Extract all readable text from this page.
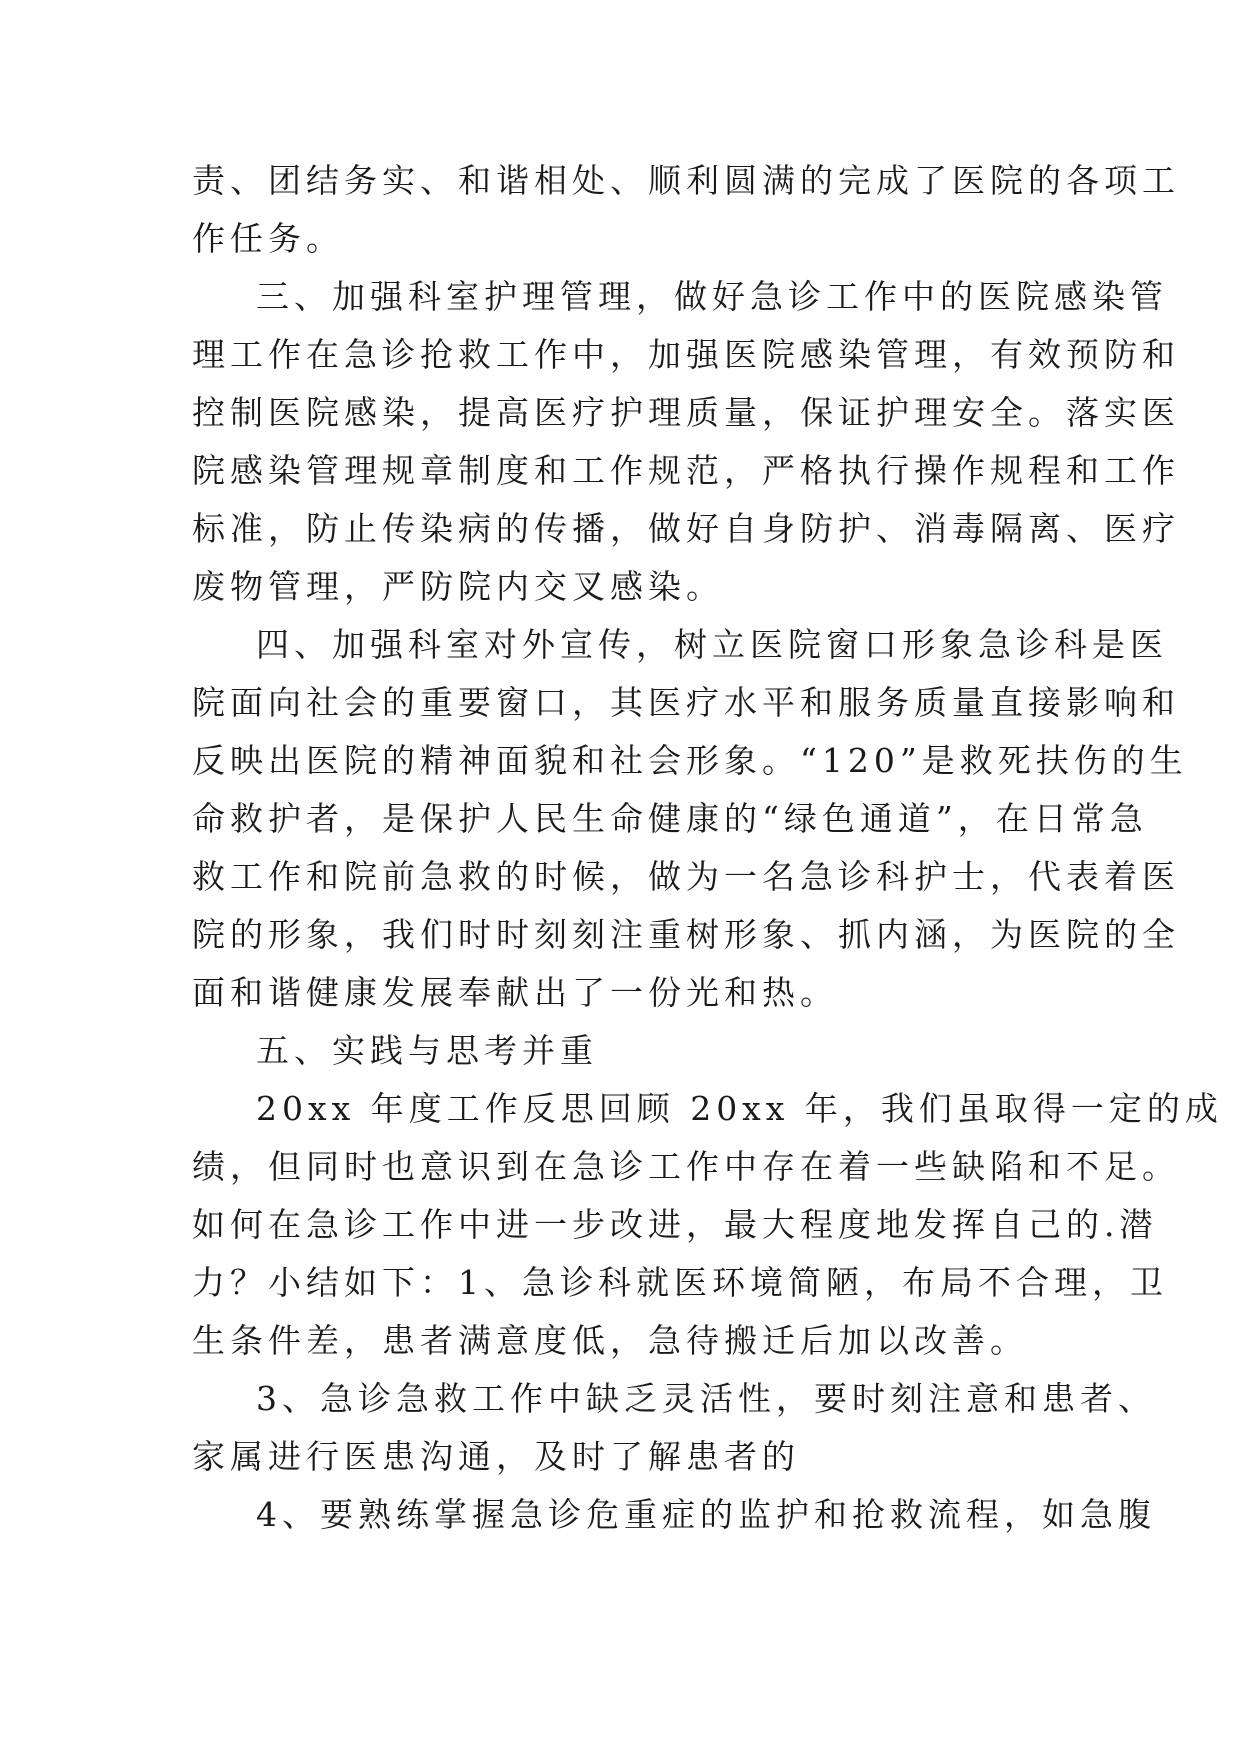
责、团结务实、和谐相处、顺利圆满的完成了医院的各项工
作任务。
三、加强科室护理管理，做好急诊工作中的医院感染管
理工作在急诊抢救工作中，加强医院感染管理，有效预防和
控制医院感染，提高医疗护理质量，保证护理安全。落实医
院感染管理规章制度和工作规范，严格执行操作规程和工作
标准，防止传染病的传播，做好自身防护、消毒隔离、医疗
废物管理，严防院内交叉感染。
四、加强科室对外宣传，树立医院窗口形象急诊科是医
院面向社会的重要窗口，其医疗水平和服务质量直接影响和
反映出医院的精神面貌和社会形象。“120”是救死扶伤的生
命救护者，是保护人民生命健康的“绿色通道”，在日常急
救工作和院前急救的时候，做为一名急诊科护士，代表着医
院的形象，我们时时刻刻注重树形象、抓内涵，为医院的全
面和谐健康发展奉献出了一份光和热。
五、实践与思考并重
20xx 年度工作反思回顾 20xx 年，我们虽取得一定的成
绩，但同时也意识到在急诊工作中存在着一些缺陷和不足。
如何在急诊工作中进一步改进，最大程度地发挥自己的.潜
力？小结如下：1、急诊科就医环境简陋，布局不合理，卫
生条件差，患者满意度低，急待搬迁后加以改善。
3、急诊急救工作中缺乏灵活性，要时刻注意和患者、
家属进行医患沟通，及时了解患者的
4、要熟练掌握急诊危重症的监护和抢救流程，如急腹
